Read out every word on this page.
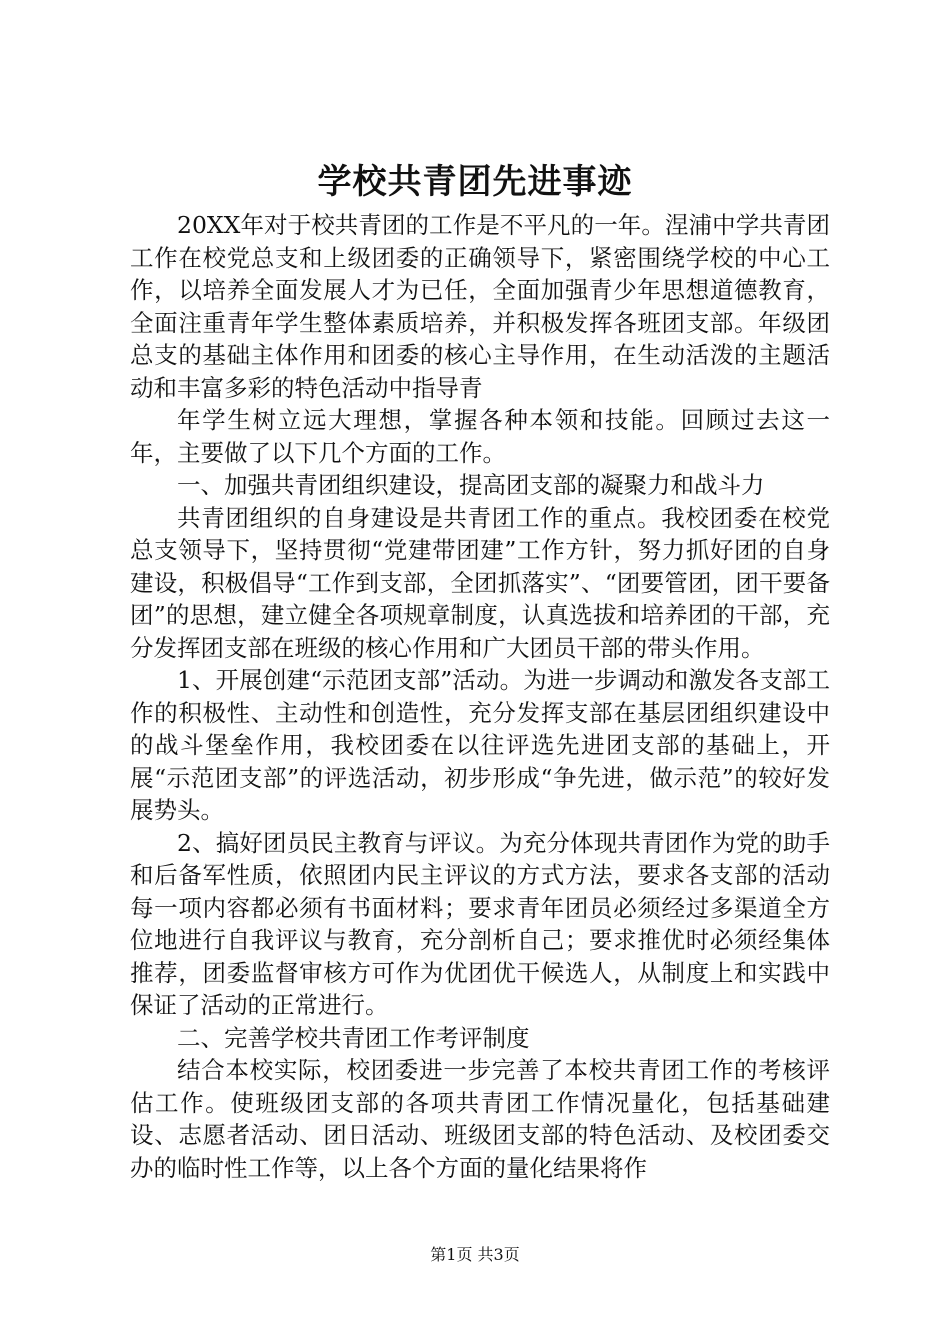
学校共青团先进事迹

20XX年对于校共青团的工作是不平凡的一年。涅浦中学共青团工作在校党总支和上级团委的正确领导下，紧密围绕学校的中心工作，以培养全面发展人才为已任，全面加强青少年思想道德教育，全面注重青年学生整体素质培养，并积极发挥各班团支部。年级团总支的基础主体作用和团委的核心主导作用，在生动活泼的主题活动和丰富多彩的特色活动中指导青

年学生树立远大理想，掌握各种本领和技能。回顾过去这一年，主要做了以下几个方面的工作。

一、加强共青团组织建设，提高团支部的凝聚力和战斗力

共青团组织的自身建设是共青团工作的重点。我校团委在校党总支领导下，坚持贯彻“党建带团建”工作方针，努力抓好团的自身建设，积极倡导“工作到支部，全团抓落实”、“团要管团，团干要备团”的思想，建立健全各项规章制度，认真选拔和培养团的干部，充分发挥团支部在班级的核心作用和广大团员干部的带头作用。

1、开展创建“示范团支部”活动。为进一步调动和激发各支部工作的积极性、主动性和创造性，充分发挥支部在基层团组织建设中的战斗堡垒作用，我校团委在以往评选先进团支部的基础上，开展“示范团支部”的评选活动，初步形成“争先进，做示范”的较好发展势头。

2、搞好团员民主教育与评议。为充分体现共青团作为党的助手和后备军性质，依照团内民主评议的方式方法，要求各支部的活动每一项内容都必须有书面材料；要求青年团员必须经过多渠道全方位地进行自我评议与教育，充分剖析自己；要求推优时必须经集体推荐，团委监督审核方可作为优团优干候选人，从制度上和实践中保证了活动的正常进行。

二、完善学校共青团工作考评制度

结合本校实际，校团委进一步完善了本校共青团工作的考核评估工作。使班级团支部的各项共青团工作情况量化，包括基础建设、志愿者活动、团日活动、班级团支部的特色活动、及校团委交办的临时性工作等，以上各个方面的量化结果将作

第1页 共3页
